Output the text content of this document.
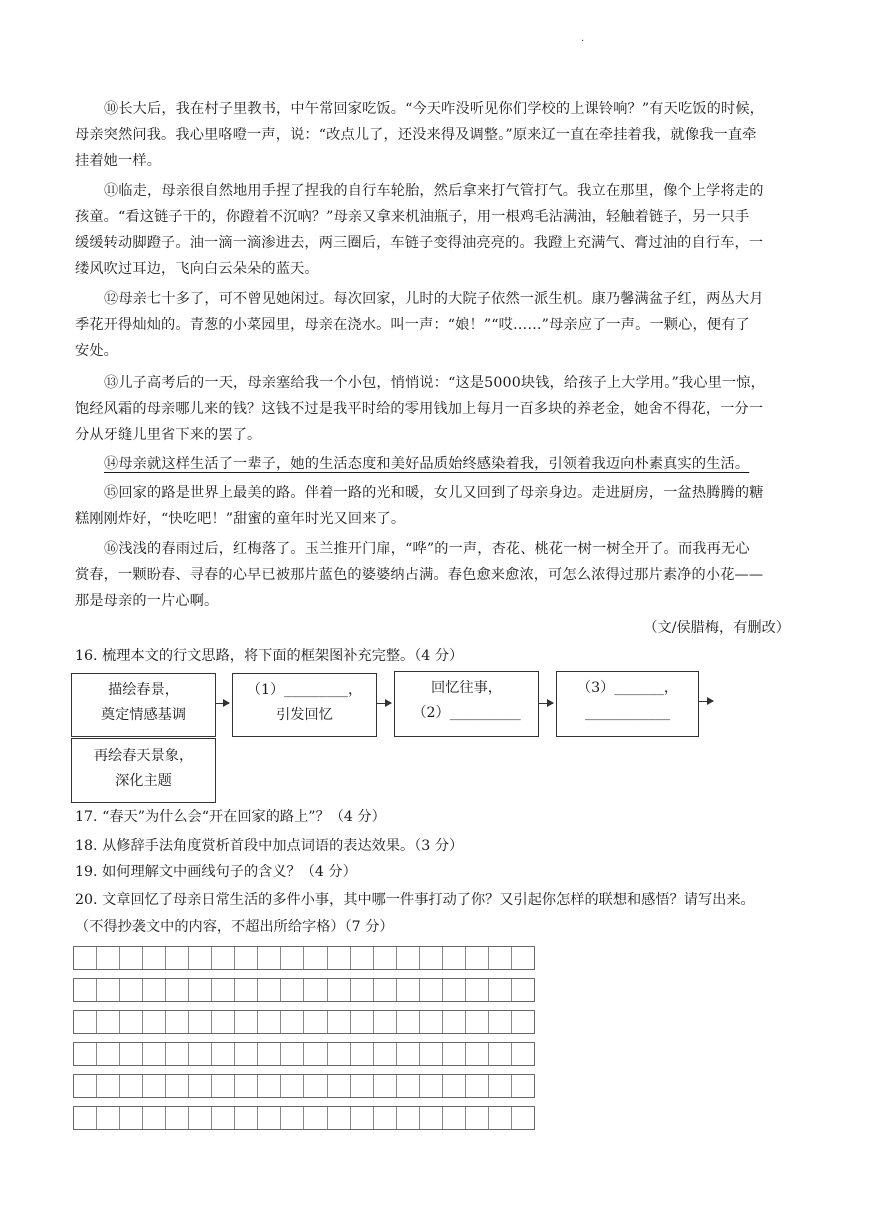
·
⑩长大后，我在村子里教书，中午常回家吃饭。“今天咋没听见你们学校的上课铃响？”有天吃饭的时候，
母亲突然问我。我心里咯噔一声，说：“改点儿了，还没来得及调整。”原来辽一直在牵挂着我，就像我一直牵
挂着她一样。
⑪临走，母亲很自然地用手捏了捏我的自行车轮胎，然后拿来打气管打气。我立在那里，像个上学将走的
孩童。“看这链子干的，你蹬着不沉吶？”母亲又拿来机油瓶子，用一根鸡毛沾满油，轻触着链子，另一只手
缓缓转动脚蹬子。油一滴一滴渗进去，两三圈后，车链子变得油亮亮的。我蹬上充满气、膏过油的自行车，一
缕风吹过耳边，飞向白云朵朵的蓝天。
⑫母亲七十多了，可不曾见她闲过。每次回家，儿时的大院子依然一派生机。康乃馨满盆子红，两丛大月
季花开得灿灿的。青葱的小菜园里，母亲在浇水。叫一声：“娘！”“哎……”母亲应了一声。一颗心，便有了
安处。
⑬儿子高考后的一天，母亲塞给我一个小包，悄悄说：“这是5000块钱，给孩子上大学用。”我心里一惊，
饱经风霜的母亲哪儿来的钱？这钱不过是我平时给的零用钱加上每月一百多块的养老金，她舍不得花，一分一
分从牙缝儿里省下来的罢了。
⑭母亲就这样生活了一辈子，她的生活态度和美好品质始终感染着我，引领着我迈向朴素真实的生活。
⑮回家的路是世界上最美的路。伴着一路的光和暖，女儿又回到了母亲身边。走进厨房，一盆热腾腾的糖
糕刚刚炸好，“快吃吧！”甜蜜的童年时光又回来了。
⑯浅浅的春雨过后，红梅落了。玉兰推开门扉，“哗”的一声，杏花、桃花一树一树全开了。而我再无心
赏春，一颗盼春、寻春的心早已被那片蓝色的婆婆纳占满。春色愈来愈浓，可怎么浓得过那片素净的小花——
那是母亲的一片心啊。
（文/侯腊梅，有删改）
16. 梳理本文的行文思路，将下面的框架图补充完整。（4 分）
描绘春景，
奠定情感基调
（1）_________，
引发回忆
回忆往事，
（2）__________
（3）_______，
____________
再绘春天景象，
深化主题
17. “春天”为什么会“开在回家的路上”？（4 分）
18. 从修辞手法角度赏析首段中加点词语的表达效果。（3 分）
19. 如何理解文中画线句子的含义？（4 分）
20. 文章回忆了母亲日常生活的多件小事，其中哪一件事打动了你？又引起你怎样的联想和感悟？请写出来。
（不得抄袭文中的内容，不超出所给字格）（7 分）
